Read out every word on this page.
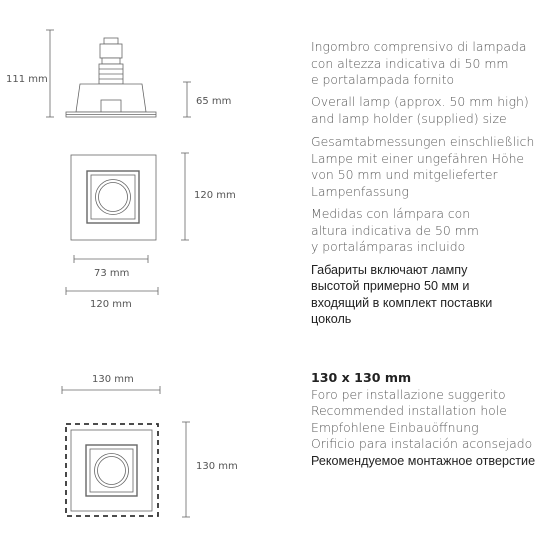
111 mm
65 mm
120 mm
73 mm
120 mm
130 mm
130 mm

Ingombro comprensivo di lampada
con altezza indicativa di 50 mm
e portalampada fornito

Overall lamp (approx. 50 mm high)
and lamp holder (supplied) size

Gesamtabmessungen einschließlich
Lampe mit einer ungefähren Höhe
von 50 mm und mitgelieferter
Lampenfassung

Medidas con lámpara con
altura indicativa de 50 mm
y portalámparas incluido

Габариты включают лампу
высотой примерно 50 мм и
входящий в комплект поставки
цоколь

130 x 130 mm
Foro per installazione suggerito
Recommended installation hole
Empfohlene Einbauöffnung
Orificio para instalación aconsejado

Рекомендуемое монтажное отверстие
